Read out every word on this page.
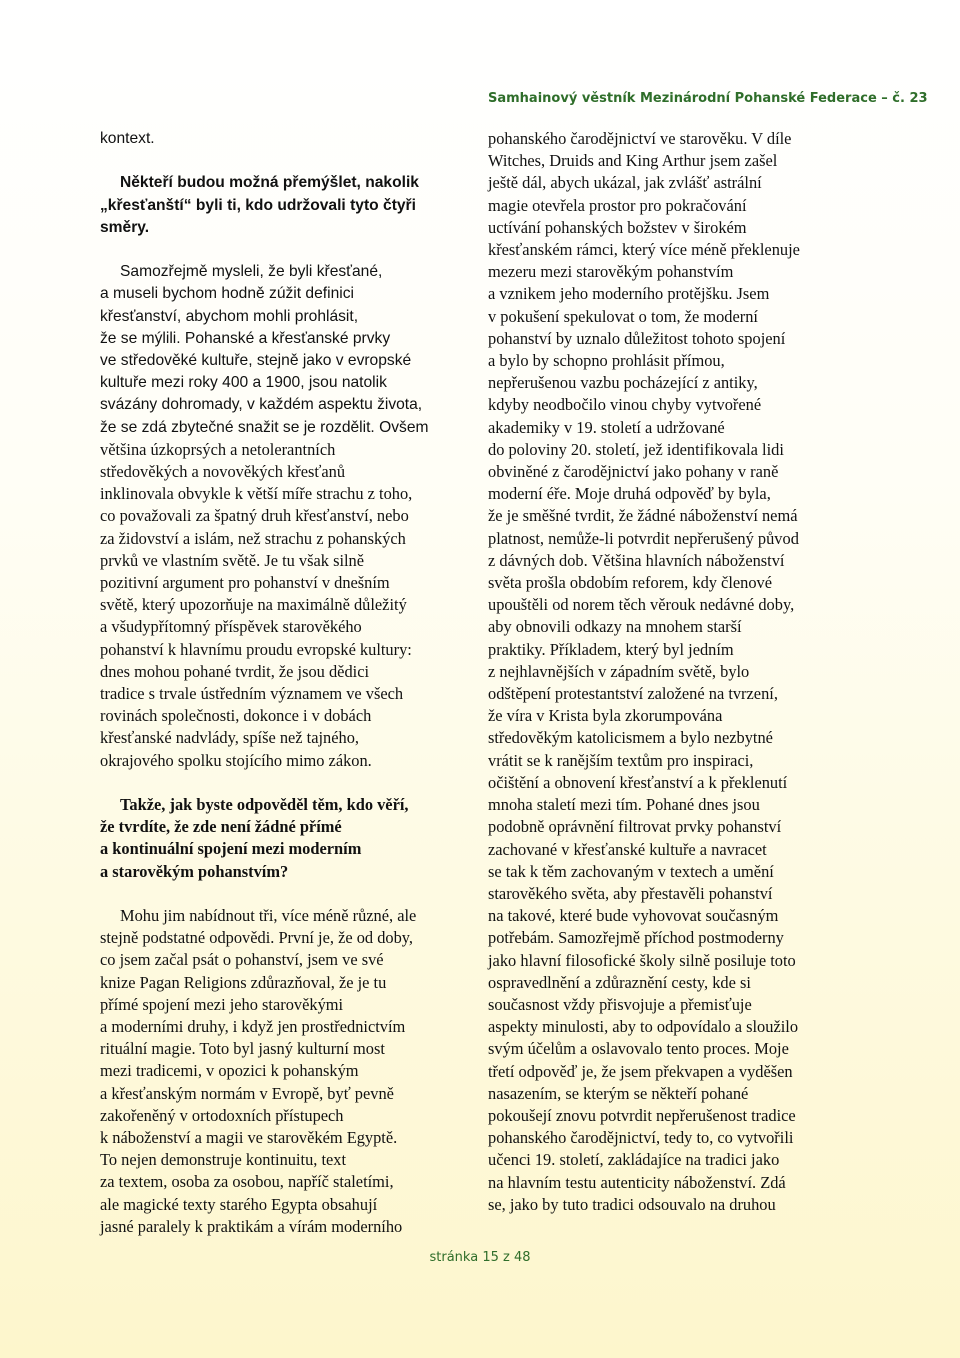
Samhainový věstník Mezinárodní Pohanské Federace – č. 23
kontext.
Někteří budou možná přemýšlet, nakolik
„křesťanští“ byli ti, kdo udržovali tyto čtyři
směry.
Samozřejmě mysleli, že byli křesťané,
a museli bychom hodně zúžit definici
křesťanství, abychom mohli prohlásit,
že se mýlili. Pohanské a křesťanské prvky
ve středověké kultuře, stejně jako v evropské
kultuře mezi roky 400 a 1900, jsou natolik
svázány dohromady, v každém aspektu života,
že se zdá zbytečné snažit se je rozdělit. Ovšem
většina úzkoprsých a netolerantních
středověkých a novověkých křesťanů
inklinovala obvykle k větší míře strachu z toho,
co považovali za špatný druh křesťanství, nebo
za židovství a islám, než strachu z pohanských
prvků ve vlastním světě. Je tu však silně
pozitivní argument pro pohanství v dnešním
světě, který upozorňuje na maximálně důležitý
a všudypřítomný příspěvek starověkého
pohanství k hlavnímu proudu evropské kultury:
dnes mohou pohané tvrdit, že jsou dědici
tradice s trvale ústředním významem ve všech
rovinách společnosti, dokonce i v dobách
křesťanské nadvlády, spíše než tajného,
okrajového spolku stojícího mimo zákon.
Takže, jak byste odpověděl těm, kdo věří,
že tvrdíte, že zde není žádné přímé
a kontinuální spojení mezi moderním
a starověkým pohanstvím?
Mohu jim nabídnout tři, více méně různé, ale
stejně podstatné odpovědi. První je, že od doby,
co jsem začal psát o pohanství, jsem ve své
knize Pagan Religions zdůrazňoval, že je tu
přímé spojení mezi jeho starověkými
a moderními druhy, i když jen prostřednictvím
rituální magie. Toto byl jasný kulturní most
mezi tradicemi, v opozici k pohanským
a křesťanským normám v Evropě, byť pevně
zakořeněný v ortodoxních přístupech
k náboženství a magii ve starověkém Egyptě.
To nejen demonstruje kontinuitu, text
za textem, osoba za osobou, napříč staletími,
ale magické texty starého Egypta obsahují
jasné paralely k praktikám a vírám moderního
pohanského čarodějnictví ve starověku. V díle
Witches, Druids and King Arthur jsem zašel
ještě dál, abych ukázal, jak zvlášť astrální
magie otevřela prostor pro pokračování
uctívání pohanských božstev v širokém
křesťanském rámci, který více méně překlenuje
mezeru mezi starověkým pohanstvím
a vznikem jeho moderního protějšku. Jsem
v pokušení spekulovat o tom, že moderní
pohanství by uznalo důležitost tohoto spojení
a bylo by schopno prohlásit přímou,
nepřerušenou vazbu pocházející z antiky,
kdyby neodbočilo vinou chyby vytvořené
akademiky v 19. století a udržované
do poloviny 20. století, jež identifikovala lidi
obviněné z čarodějnictví jako pohany v raně
moderní éře. Moje druhá odpověď by byla,
že je směšné tvrdit, že žádné náboženství nemá
platnost, nemůže-li potvrdit nepřerušený původ
z dávných dob. Většina hlavních náboženství
světa prošla obdobím reforem, kdy členové
upouštěli od norem těch věrouk nedávné doby,
aby obnovili odkazy na mnohem starší
praktiky. Příkladem, který byl jedním
z nejhlavnějších v západním světě, bylo
odštěpení protestantství založené na tvrzení,
že víra v Krista byla zkorumpována
středověkým katolicismem a bylo nezbytné
vrátit se k ranějším textům pro inspiraci,
očištění a obnovení křesťanství a k překlenutí
mnoha staletí mezi tím. Pohané dnes jsou
podobně oprávnění filtrovat prvky pohanství
zachované v křesťanské kultuře a navracet
se tak k těm zachovaným v textech a umění
starověkého světa, aby přestavěli pohanství
na takové, které bude vyhovovat současným
potřebám. Samozřejmě příchod postmoderny
jako hlavní filosofické školy silně posiluje toto
ospravedlnění a zdůraznění cesty, kde si
současnost vždy přisvojuje a přemisťuje
aspekty minulosti, aby to odpovídalo a sloužilo
svým účelům a oslavovalo tento proces. Moje
třetí odpověď je, že jsem překvapen a vyděšen
nasazením, se kterým se někteří pohané
pokoušejí znovu potvrdit nepřerušenost tradice
pohanského čarodějnictví, tedy to, co vytvořili
učenci 19. století, zakládajíce na tradici jako
na hlavním testu autenticity náboženství. Zdá
se, jako by tuto tradici odsouvalo na druhou
stránka 15 z 48
